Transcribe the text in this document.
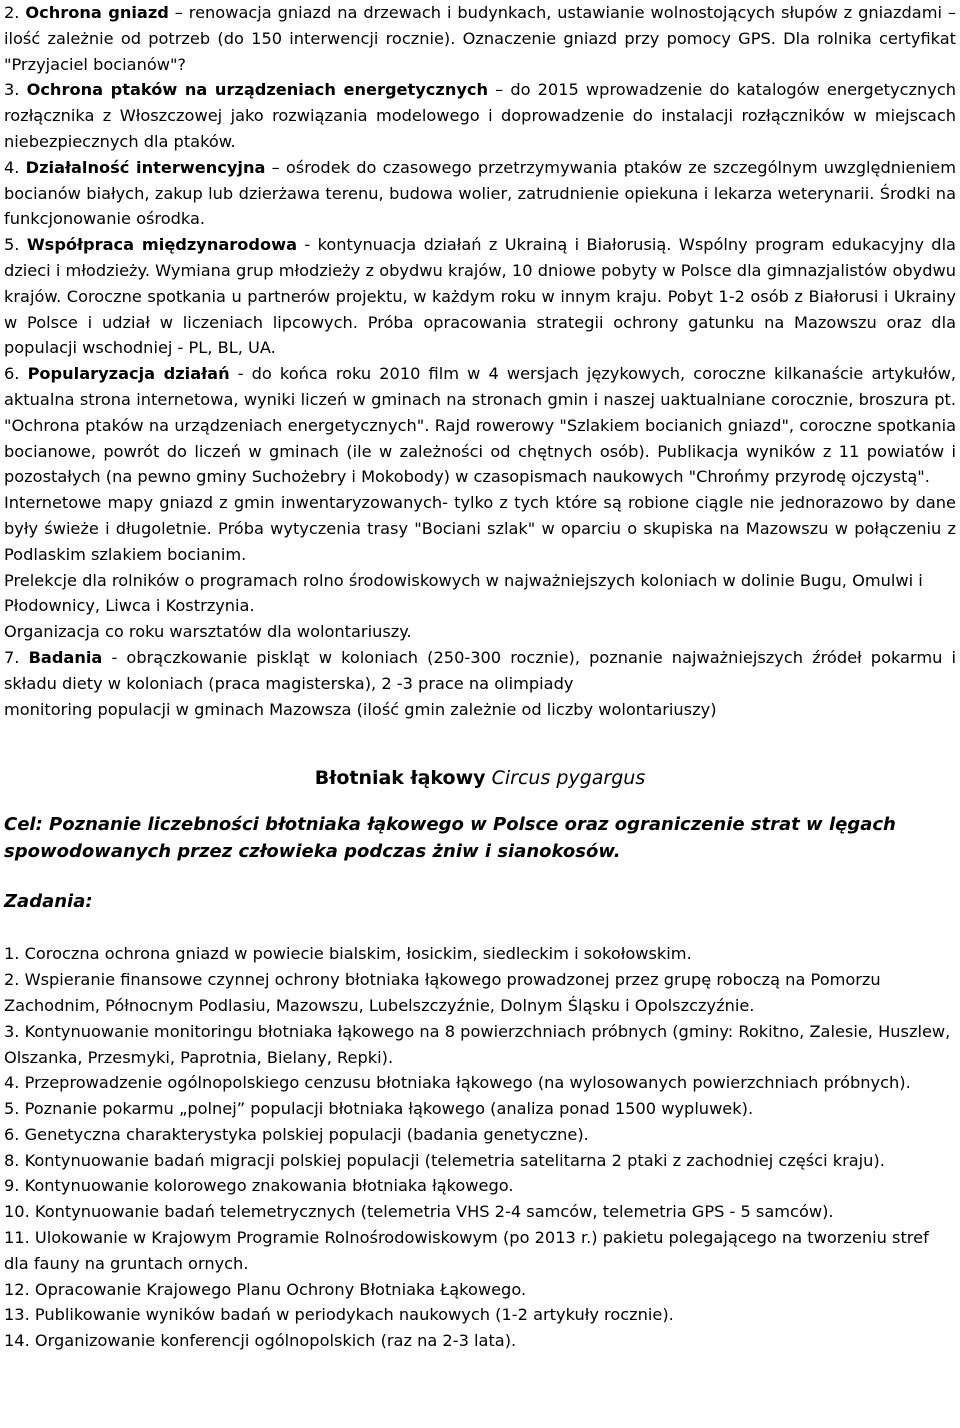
2. Ochrona gniazd – renowacja gniazd na drzewach i budynkach, ustawianie wolnostojących słupów z gniazdami – ilość zależnie od potrzeb (do 150 interwencji rocznie). Oznaczenie gniazd przy pomocy GPS. Dla rolnika certyfikat "Przyjaciel bocianów"?

3. Ochrona ptaków na urządzeniach energetycznych – do 2015 wprowadzenie do katalogów energetycznych rozłącznika z Włoszczowej jako rozwiązania modelowego i doprowadzenie do instalacji rozłączników w miejscach niebezpiecznych dla ptaków.

4. Działalność interwencyjna – ośrodek do czasowego przetrzymywania ptaków ze szczególnym uwzględnieniem bocianów białych, zakup lub dzierżawa terenu, budowa wolier, zatrudnienie opiekuna i lekarza weterynarii. Środki na funkcjonowanie ośrodka.

5. Współpraca międzynarodowa - kontynuacja działań z Ukrainą i Białorusią. Wspólny program edukacyjny dla dzieci i młodzieży. Wymiana grup młodzieży z obydwu krajów, 10 dniowe pobyty w Polsce dla gimnazjalistów obydwu krajów. Coroczne spotkania u partnerów projektu, w każdym roku w innym kraju. Pobyt 1-2 osób z Białorusi i Ukrainy w Polsce i udział w liczeniach lipcowych. Próba opracowania strategii ochrony gatunku na Mazowszu oraz dla populacji wschodniej - PL, BL, UA.

6. Popularyzacja działań - do końca roku 2010 film w 4 wersjach językowych, coroczne kilkanaście artykułów, aktualna strona internetowa, wyniki liczeń w gminach na stronach gmin i naszej uaktualniane corocznie, broszura pt. "Ochrona ptaków na urządzeniach energetycznych". Rajd rowerowy "Szlakiem bocianich gniazd", coroczne spotkania bocianowe, powrót do liczeń w gminach (ile w zależności od chętnych osób). Publikacja wyników z 11 powiatów i pozostałych (na pewno gminy Suchożebry i Mokobody) w czasopismach naukowych "Chrońmy przyrodę ojczystą".

Internetowe mapy gniazd z gmin inwentaryzowanych- tylko z tych które są robione ciągle nie jednorazowo by dane były świeże i długoletnie. Próba wytyczenia trasy "Bociani szlak" w oparciu o skupiska na Mazowszu w połączeniu z Podlaskim szlakiem bocianim.

Prelekcje dla rolników o programach rolno środowiskowych w najważniejszych koloniach w dolinie Bugu, Omulwi i Płodownicy, Liwca i Kostrzynia.

Organizacja co roku warsztatów dla wolontariuszy.

7. Badania - obrączkowanie piskląt w koloniach (250-300 rocznie), poznanie najważniejszych źródeł pokarmu i składu diety w koloniach (praca magisterska), 2 -3 prace na olimpiady

monitoring populacji w gminach Mazowsza (ilość gmin zależnie od liczby wolontariuszy)

Błotniak łąkowy Circus pygargus

Cel: Poznanie liczebności błotniaka łąkowego w Polsce oraz ograniczenie strat w lęgach spowodowanych przez człowieka podczas żniw i sianokosów.

Zadania:

1. Coroczna ochrona gniazd w powiecie bialskim, łosickim, siedleckim i sokołowskim.

2. Wspieranie finansowe czynnej ochrony błotniaka łąkowego prowadzonej przez grupę roboczą na Pomorzu Zachodnim, Północnym Podlasiu, Mazowszu, Lubelszczyźnie, Dolnym Śląsku i Opolszczyźnie.

3. Kontynuowanie monitoringu błotniaka łąkowego na 8 powierzchniach próbnych (gminy: Rokitno, Zalesie, Huszlew, Olszanka, Przesmyki, Paprotnia, Bielany, Repki).

4. Przeprowadzenie ogólnopolskiego cenzusu błotniaka łąkowego (na wylosowanych powierzchniach próbnych).

5. Poznanie pokarmu „polnej” populacji błotniaka łąkowego (analiza ponad 1500 wypluwek).

6. Genetyczna charakterystyka polskiej populacji (badania genetyczne).

8. Kontynuowanie badań migracji polskiej populacji (telemetria satelitarna 2 ptaki z zachodniej części kraju).

9. Kontynuowanie kolorowego znakowania błotniaka łąkowego.

10. Kontynuowanie badań telemetrycznych (telemetria VHS 2-4 samców, telemetria GPS - 5 samców).

11. Ulokowanie w Krajowym Programie Rolnośrodowiskowym (po 2013 r.) pakietu polegającego na tworzeniu stref dla fauny na gruntach ornych.

12. Opracowanie Krajowego Planu Ochrony Błotniaka Łąkowego.

13. Publikowanie wyników badań w periodykach naukowych (1-2 artykuły rocznie).

14. Organizowanie konferencji ogólnopolskich (raz na 2-3 lata).
